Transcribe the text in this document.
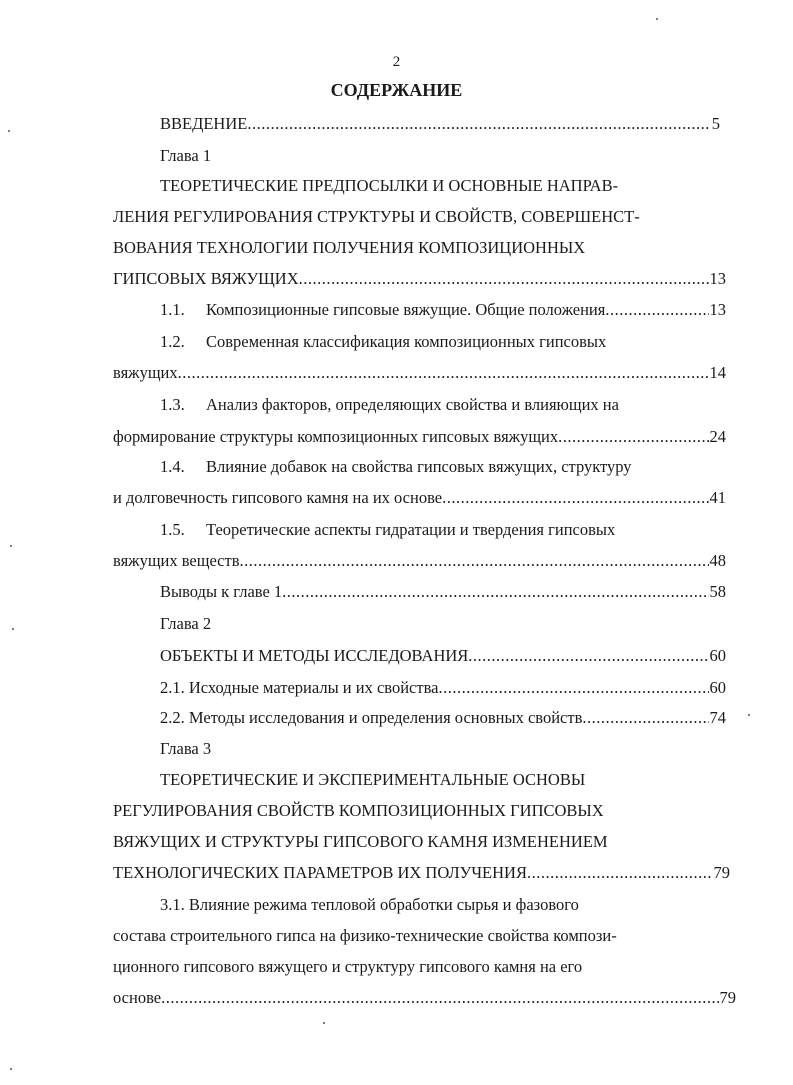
2
СОДЕРЖАНИЕ
ВВЕДЕНИЕ .....	5
Глава 1
ТЕОРЕТИЧЕСКИЕ ПРЕДПОСЫЛКИ И ОСНОВНЫЕ НАПРАВ-
ЛЕНИЯ РЕГУЛИРОВАНИЯ СТРУКТУРЫ И СВОЙСТВ, СОВЕРШЕНСТ-
ВОВАНИЯ ТЕХНОЛОГИИ ПОЛУЧЕНИЯ КОМПОЗИЦИОННЫХ
ГИПСОВЫХ ВЯЖУЩИХ .....	13
1.1.	Композиционные гипсовые вяжущие. Общие положения .....	13
1.2. Современная классификация композиционных гипсовых
вяжущих .....	14
1.3. Анализ факторов, определяющих свойства и влияющих на
формирование структуры композиционных гипсовых вяжущих .....	24
1.4. Влияние добавок на свойства гипсовых вяжущих, структуру
и долговечность гипсового камня на их основе .....	41
1.5. Теоретические аспекты гидратации и твердения гипсовых
вяжущих веществ .....	48
Выводы к главе 1 .....	58
Глава 2
ОБЪЕКТЫ И МЕТОДЫ ИССЛЕДОВАНИЯ .....	60
2.1. Исходные материалы и их свойства .....	60
2.2. Методы исследования и определения основных свойств .....	74
Глава 3
ТЕОРЕТИЧЕСКИЕ И ЭКСПЕРИМЕНТАЛЬНЫЕ ОСНОВЫ
РЕГУЛИРОВАНИЯ СВОЙСТВ КОМПОЗИЦИОННЫХ ГИПСОВЫХ
ВЯЖУЩИХ И СТРУКТУРЫ ГИПСОВОГО КАМНЯ ИЗМЕНЕНИЕМ
ТЕХНОЛОГИЧЕСКИХ ПАРАМЕТРОВ ИХ ПОЛУЧЕНИЯ .....	79
3.1. Влияние режима тепловой обработки сырья и фазового
состава строительного гипса на физико-технические свойства компози-
ционного гипсового вяжущего и структуру гипсового камня на его
основе .....	79
